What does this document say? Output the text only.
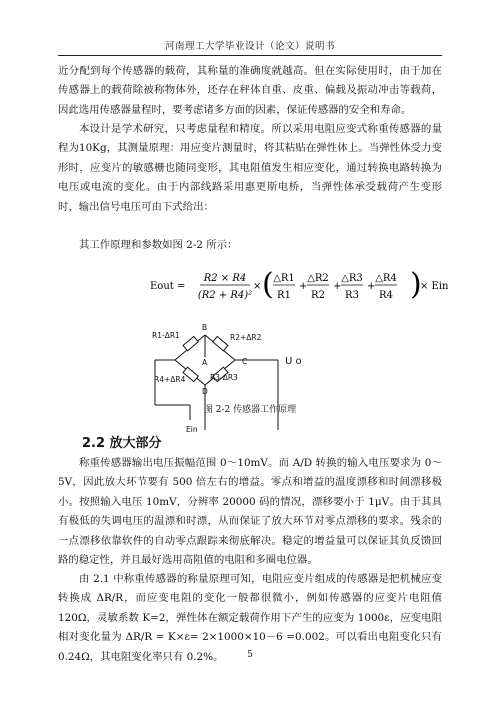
河南理工大学毕业设计（论文）说明书

近分配到每个传感器的载荷，其称量的准确度就越高。但在实际使用时，由于加在传感器上的载荷除被称物体外，还存在秤体自重、皮重、偏载及振动冲击等载荷，因此选用传感器量程时，要考虑诸多方面的因素，保证传感器的安全和寿命。

本设计是学术研究，只考虑量程和精度。所以采用电阻应变式称重传感器的量程为10Kg，其测量原理：用应变片测量时，将其粘贴在弹性体上。当弹性体受力变形时，应变片的敏感栅也随同变形，其电阻值发生相应变化，通过转换电路转换为电压或电流的变化。由于内部线路采用惠更斯电桥，当弹性体承受载荷产生变形时，输出信号电压可由下式给出：

其工作原理和参数如图 2-2 所示：

Eout =
R2 × R4
(R2 + R4)²
× ( △R1
R1
+
△R2
R2
+
△R3
R3
+
△R4
R4 )
× Ein
B
A	C
D
R1-ΔR1	R2+ΔR2
R3-ΔR3
R4+ΔR4
U o
Ein
图 2-2 传感器工作原理
2.2 放大部分

称重传感器输出电压振幅范围 0～10mV。而 A/D 转换的输入电压要求为 0～5V，因此放大环节要有 500 倍左右的增益。零点和增益的温度漂移和时间漂移极小。按照输入电压 10mV，分辨率 20000 码的情况，漂移要小于 1μV。由于其具有极低的失调电压的温漂和时漂，从而保证了放大环节对零点漂移的要求。残余的一点漂移依靠软件的自动零点跟踪来彻底解决。稳定的增益量可以保证其负反馈回路的稳定性，并且最好选用高阻值的电阻和多圈电位器。

由 2.1 中称重传感器的称量原理可知，电阻应变片组成的传感器是把机械应变转换成 ΔR/R，而应变电阻的变化一般都很微小，例如传感器的应变片电阻值 120Ω，灵敏系数 K=2，弹性体在额定载荷作用下产生的应变为 1000ε，应变电阻相对变化量为 ΔR/R = K×ε= 2×1000×10－6 =0.002。可以看出电阻变化只有 0.24Ω，其电阻变化率只有 0.2%。	5
